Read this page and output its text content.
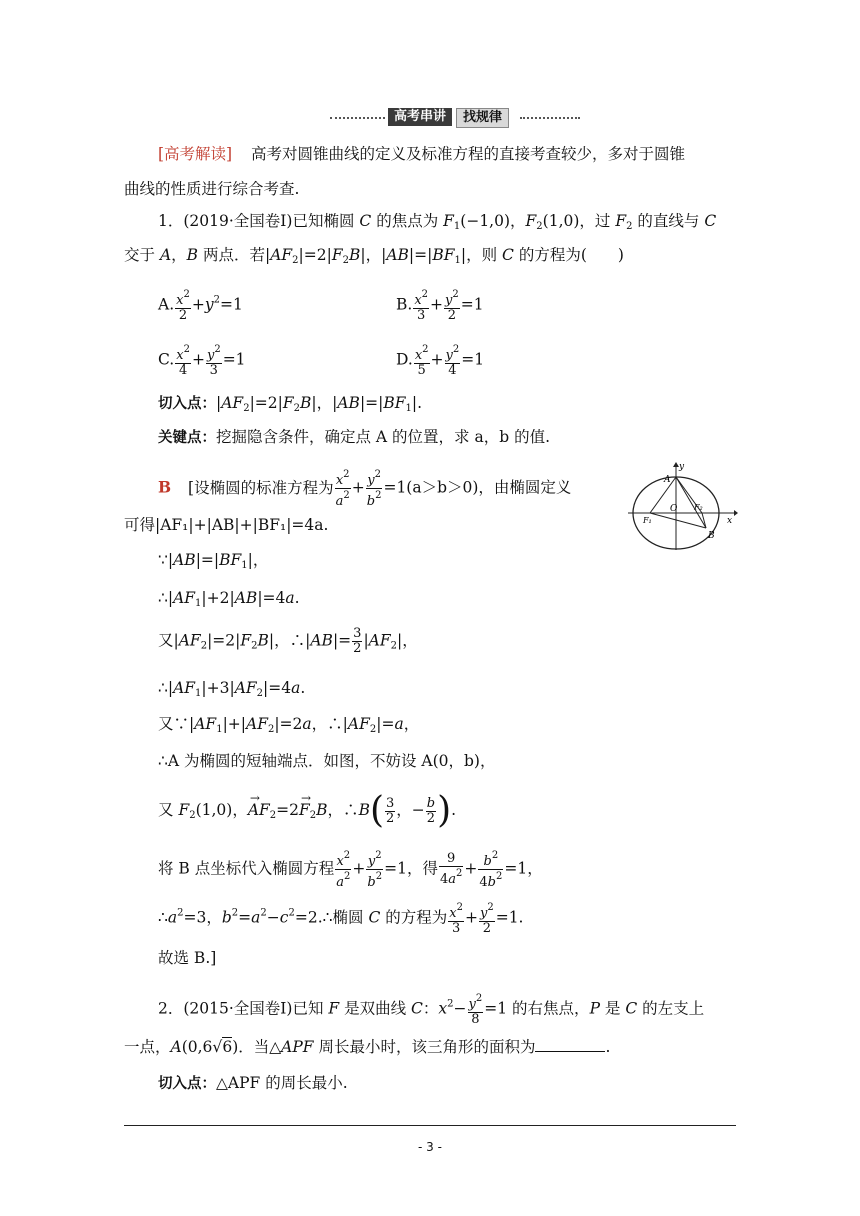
高考串讲	找规律
[高考解读] 高考对圆锥曲线的定义及标准方程的直接考查较少，多对于圆锥
曲线的性质进行综合考查.
1．(2019·全国卷Ⅰ)已知椭圆 C 的焦点为 $F_1(-1,0)$，$F_2(1,0)$，过 $F_2$ 的直线与 C
交于 A，B 两点．若$|AF_2|=2|F_2B|$，$|AB|=|BF_1|$，则 C 的方程为(　　)
A. $\frac{x^2}{2} +y^2=1$	B. $\frac{x^2}{3} + \frac{y^2}{2} =1$
C. $\frac{x^2}{4} + \frac{y^2}{3} =1$	D. $\frac{x^2}{5} + \frac{y^2}{4} =1$
切入点：$|AF_2|=2|F_2B|$，$|AB|=|BF_1|$.
关键点：挖掘隐含条件，确定点 A 的位置，求 a，b 的值.
B [设椭圆的标准方程为 $\frac{x^2}{a^2} + \frac{y^2}{b^2} =1(a>b>0)$，由椭圆定义
可得|AF₁|+|AB|+|BF₁|=4a.
$\because|AB|=|BF_1|$，
$\therefore|AF_1|+2|AB|=4a$.
又$|AF_2|=2|F_2B|$，∴|AB|= $\frac{3}{2} |AF_2|$，
$\therefore|AF_1|+3|AF_2|=4a$.
又$\because|AF_1|+|AF_2|=2a$，$\therefore|AF_2|=a$，
∴A 为椭圆的短轴端点．如图，不妨设 A(0，b)，
又 $F_2(1,0)$，→ $AF_2=2\to F_2B$，∴B( $\frac{3}{2}$ ，− $\frac{b}{2}$ ).
将 B 点坐标代入椭圆方程 $\frac{x^2}{a^2} + \frac{y^2}{b^2} =1$，得 $\frac{9}{4a^2} + \frac{b^2}{4b^2} =1$，
$\therefore a^2=3$，$b^2=a^2-c^2=2.\therefore$椭圆 C 的方程为 $\frac{x^2}{3} + \frac{y^2}{2} =1$.
故选 B.]
y
A
O F₂
F₁	x
B
2．(2015·全国卷Ⅰ)已知 F 是双曲线 C：$x^2- \frac{y^2}{8} =1$ 的右焦点，P 是 C 的左支上
一点，A(0,6√6)．当△APF 周长最小时，该三角形的面积为	.
切入点：△APF 的周长最小.
- 3 -
